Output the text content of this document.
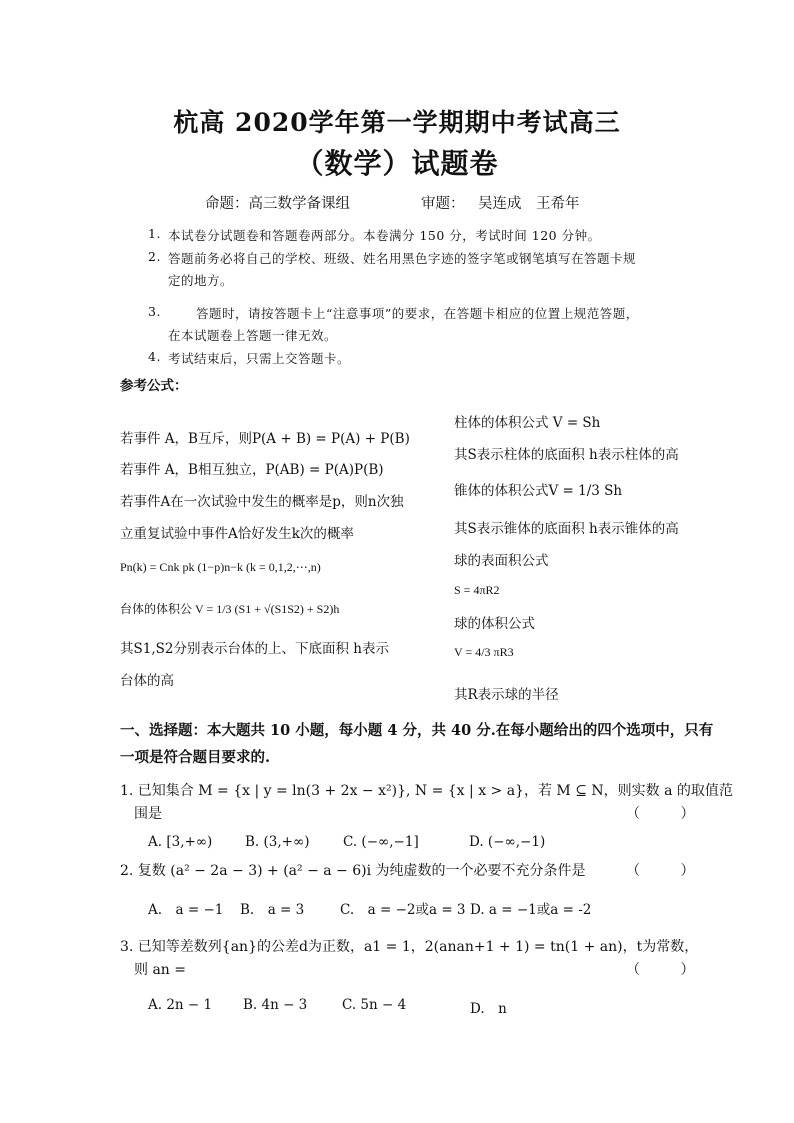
杭高 2020学年第一学期期中考试高三
（数学）试题卷
命题：高三数学备课组	审题： 吴连成　王希年
1. 本试卷分试题卷和答题卷两部分。本卷满分 150 分，考试时间 120 分钟。
2. 答题前务必将自己的学校、班级、姓名用黑色字迹的签字笔或钢笔填写在答题卡规
定的地方。
3.	答题时，请按答题卡上“注意事项”的要求，在答题卡相应的位置上规范答题，
在本试题卷上答题一律无效。
4. 考试结束后，只需上交答题卡。
参考公式：
若事件 A，B互斥，则P(A + B) = P(A) + P(B)
若事件 A，B相互独立，P(AB) = P(A)P(B)
若事件A在一次试验中发生的概率是p，则n次独
立重复试验中事件A恰好发生k次的概率
Pn(k) = Cnk pk (1−p)n−k (k = 0,1,2,⋯,n)
台体的体积公 V = 1/3 (S1 + √(S1S2) + S2)h
其S1,S2分别表示台体的上、下底面积 h表示
台体的高
柱体的体积公式 V = Sh
其S表示柱体的底面积 h表示柱体的高
锥体的体积公式V = 1/3 Sh
其S表示锥体的底面积 h表示锥体的高
球的表面积公式
S = 4πR2
球的体积公式
V = 4/3 πR3
其R表示球的半径
一、选择题：本大题共 10 小题，每小题 4 分，共 40 分.在每小题给出的四个选项中，只有
一项是符合题目要求的.
1. 已知集合 M = {x | y = ln(3 + 2x − x²)}, N = {x | x > a}，若 M ⊆ N，则实数 a 的取值范
围是	（ ）
A. [3,+∞) B. (3,+∞) C. (−∞,−1]	D. (−∞,−1)
2. 复数 (a² − 2a − 3) + (a² − a − 6)i 为纯虚数的一个必要不充分条件是	（ ）
A.　a = −1 B.　a = 3	C.　a = −2或a = 3 D. a = −1或a = -2
3. 已知等差数列{an}的公差d为正数，a1 = 1，2(anan+1 + 1) = tn(1 + an)，t为常数，
则 an =	（ ）
A. 2n − 1 B. 4n − 3	C. 5n − 4	D.　n
